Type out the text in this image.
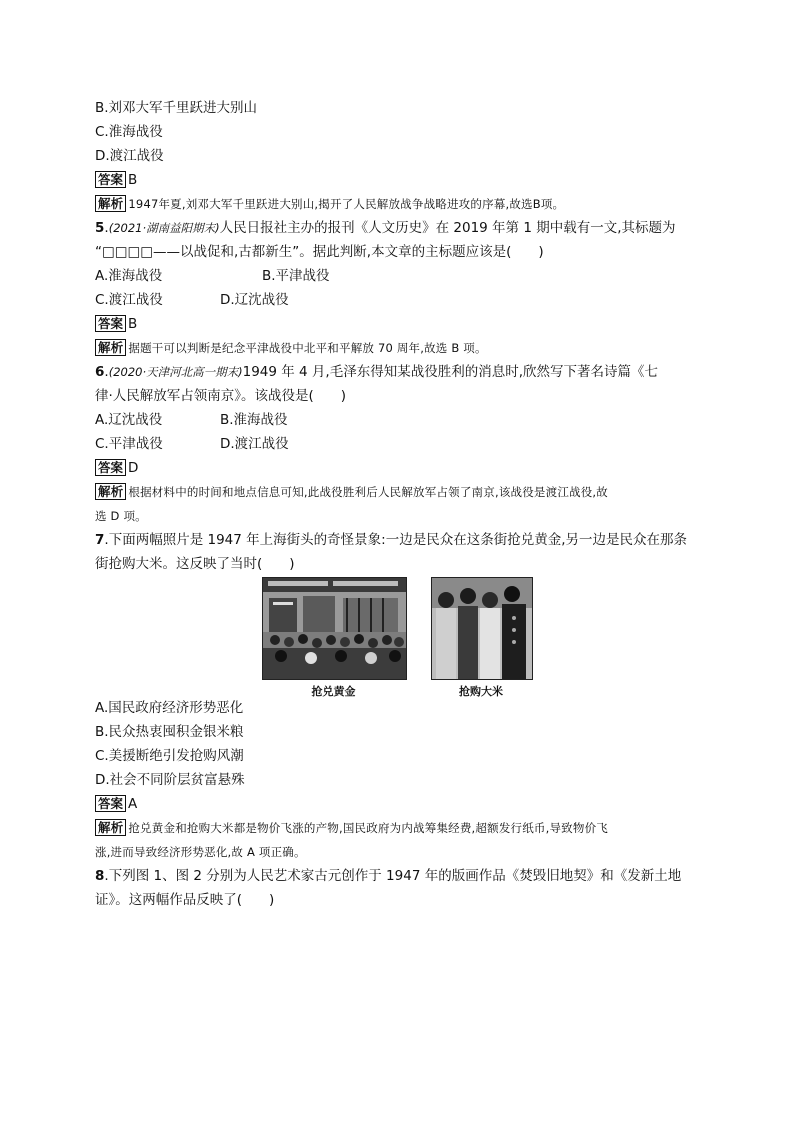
B.刘邓大军千里跃进大别山
C.淮海战役
D.渡江战役
答案 B
解析 1947年夏,刘邓大军千里跃进大别山,揭开了人民解放战争战略进攻的序幕,故选B项。
5.(2021·湖南益阳期末)人民日报社主办的报刊《人文历史》在 2019 年第 1 期中载有一文,其标题为
“□□□□——以战促和,古都新生”。据此判断,本文章的主标题应该是(　　)
A.淮海战役	B.平津战役
C.渡江战役	D.辽沈战役
答案 B
解析 据题干可以判断是纪念平津战役中北平和平解放 70 周年,故选 B 项。
6.(2020·天津河北高一期末)1949 年 4 月,毛泽东得知某战役胜利的消息时,欣然写下著名诗篇《七
律·人民解放军占领南京》。该战役是(　　)
A.辽沈战役	B.淮海战役
C.平津战役	D.渡江战役
答案 D
解析 根据材料中的时间和地点信息可知,此战役胜利后人民解放军占领了南京,该战役是渡江战役,故
选 D 项。
7.下面两幅照片是 1947 年上海街头的奇怪景象:一边是民众在这条街抢兑黄金,另一边是民众在那条
街抢购大米。这反映了当时(　　)
抢兑黄金	抢购大米
A.国民政府经济形势恶化
B.民众热衷囤积金银米粮
C.美援断绝引发抢购风潮
D.社会不同阶层贫富悬殊
答案 A
解析 抢兑黄金和抢购大米都是物价飞涨的产物,国民政府为内战筹集经费,超额发行纸币,导致物价飞
涨,进而导致经济形势恶化,故 A 项正确。
8.下列图 1、图 2 分别为人民艺术家古元创作于 1947 年的版画作品《焚毁旧地契》和《发新土地
证》。这两幅作品反映了(　　)
